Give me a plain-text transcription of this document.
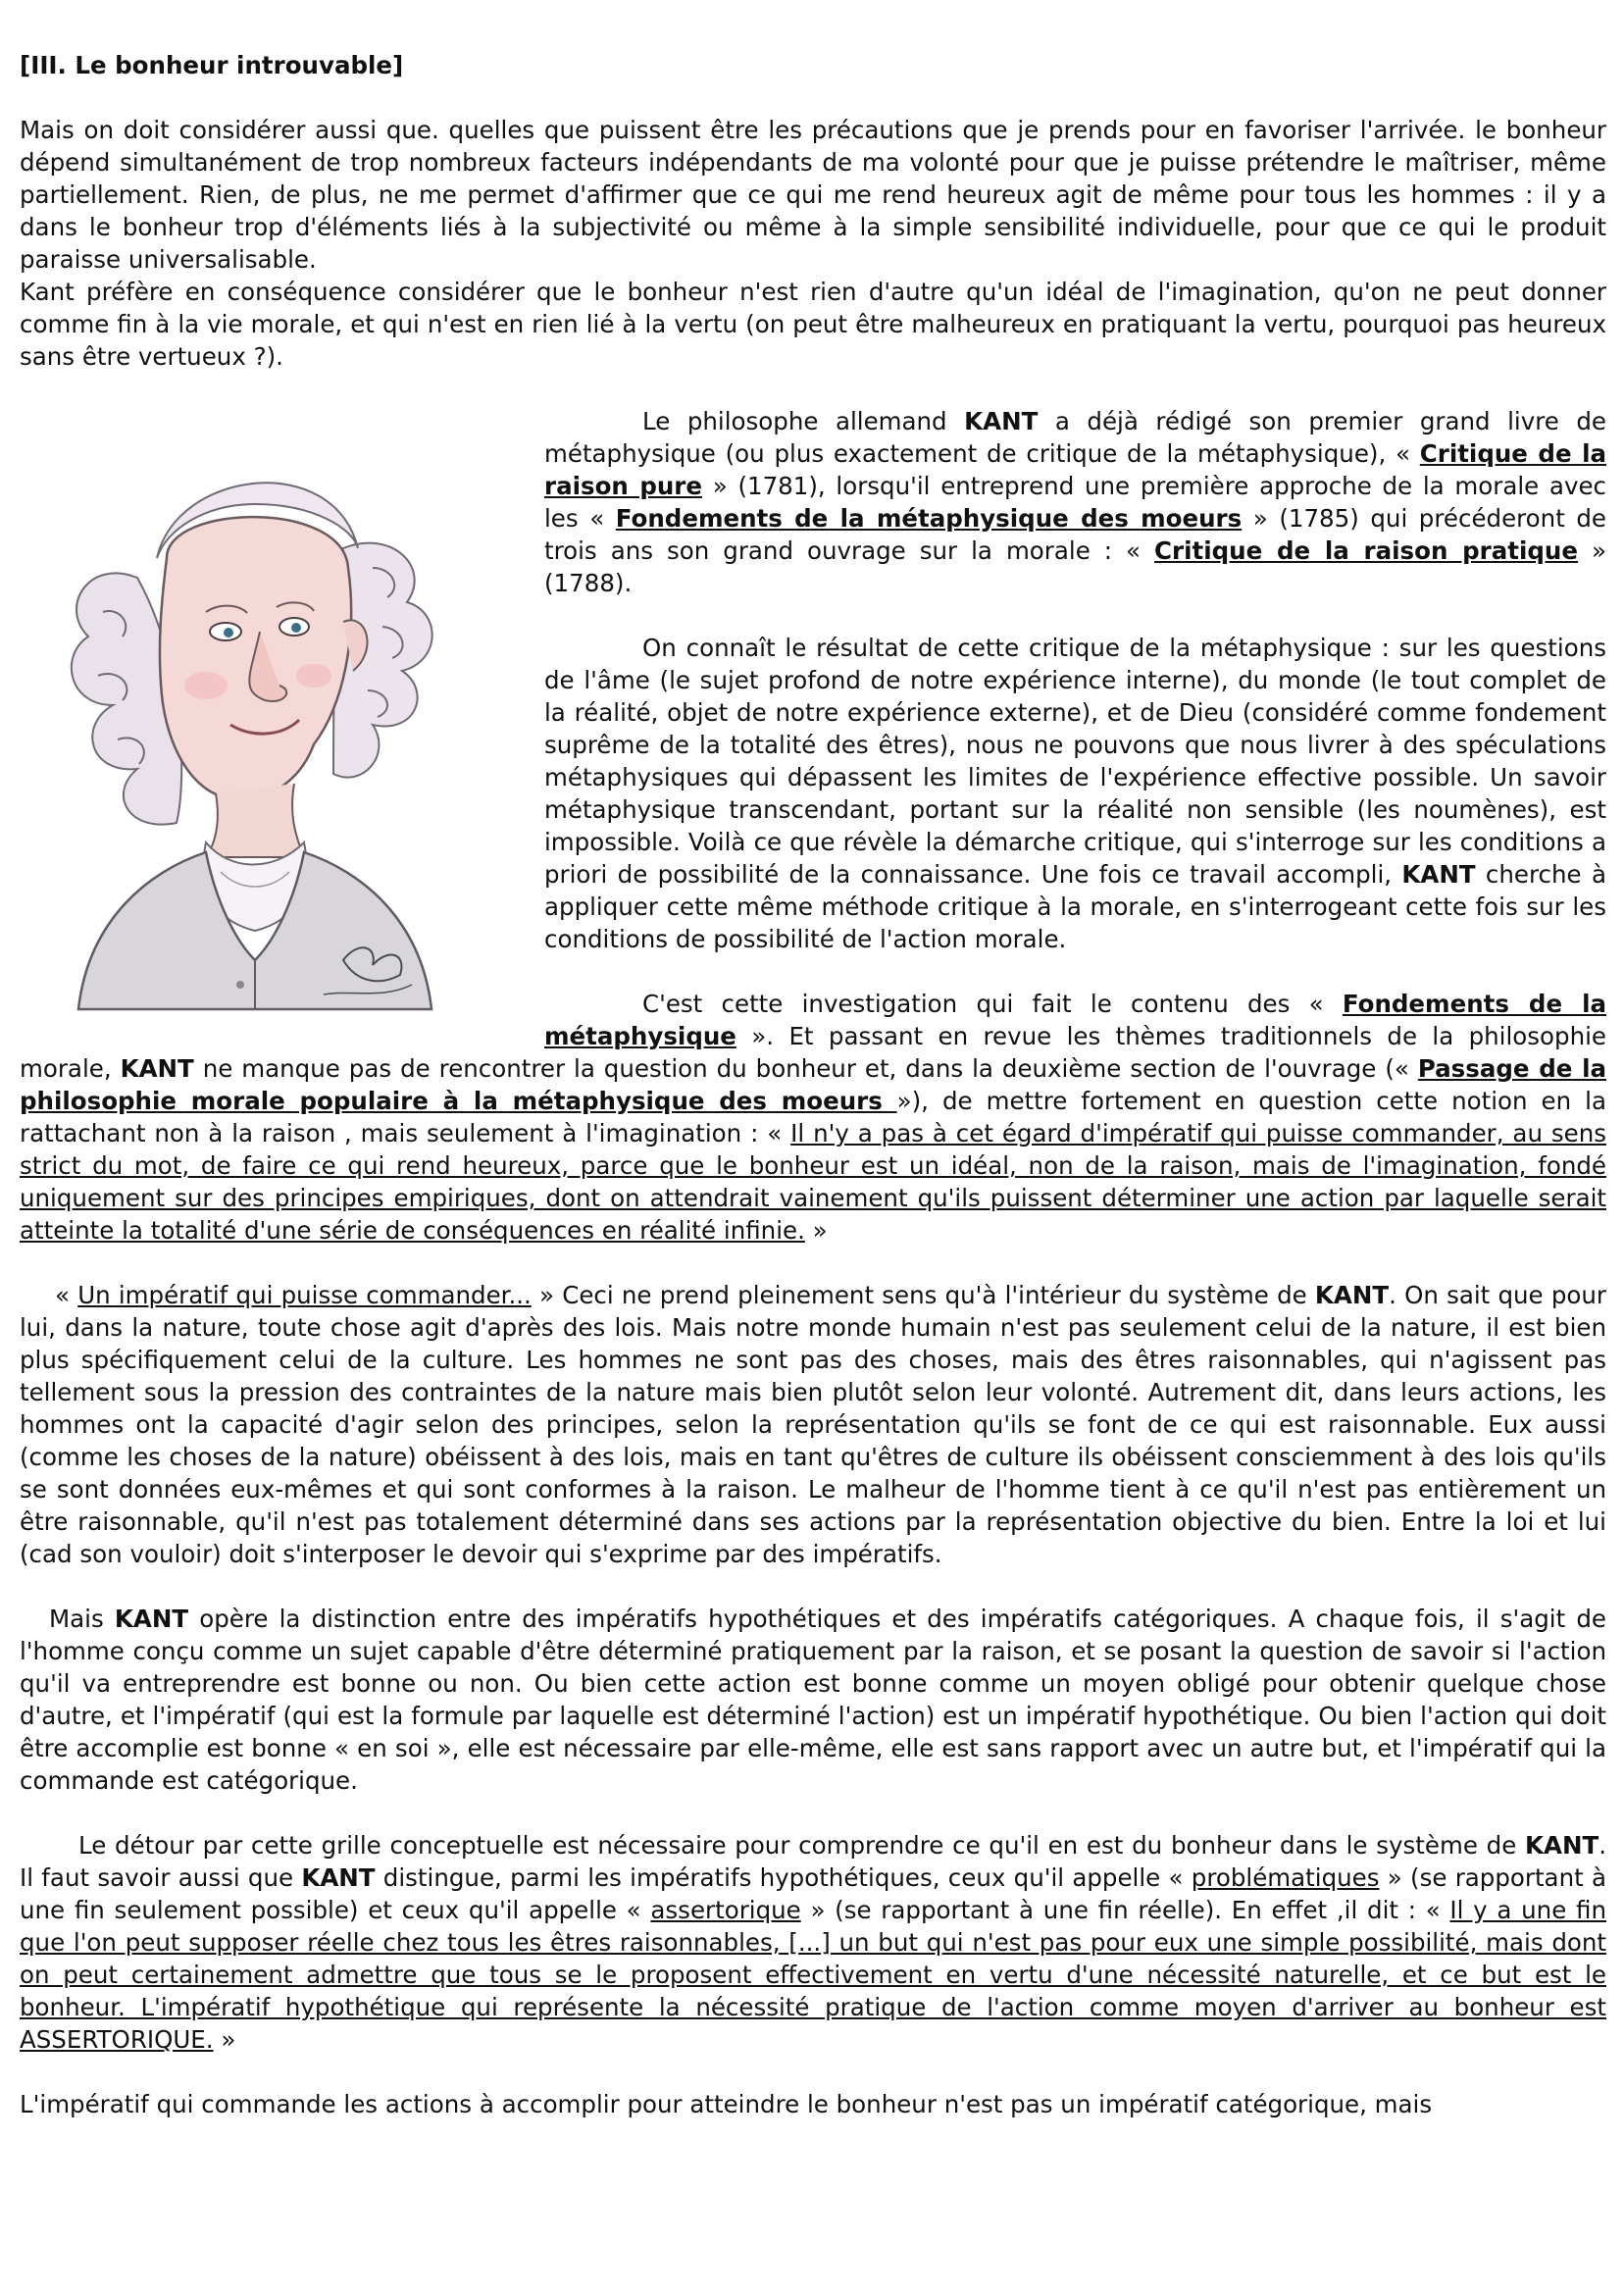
[III. Le bonheur introuvable]

Mais on doit considérer aussi que. quelles que puissent être les précautions que je prends pour en favoriser l'arrivée. le bonheur dépend simultanément de trop nombreux facteurs indépendants de ma volonté pour que je puisse prétendre le maîtriser, même partiellement. Rien, de plus, ne me permet d'affirmer que ce qui me rend heureux agit de même pour tous les hommes : il y a dans le bonheur trop d'éléments liés à la subjectivité ou même à la simple sensibilité individuelle, pour que ce qui le produit paraisse universalisable.

Kant préfère en conséquence considérer que le bonheur n'est rien d'autre qu'un idéal de l'imagination, qu'on ne peut donner comme fin à la vie morale, et qui n'est en rien lié à la vertu (on peut être malheureux en pratiquant la vertu, pourquoi pas heureux sans être vertueux ?).

Le philosophe allemand KANT a déjà rédigé son premier grand livre de métaphysique (ou plus exactement de critique de la métaphysique), « Critique de la raison pure » (1781), lorsqu'il entreprend une première approche de la morale avec les « Fondements de la métaphysique des moeurs » (1785) qui précéderont de trois ans son grand ouvrage sur la morale : « Critique de la raison pratique » (1788).

On connaît le résultat de cette critique de la métaphysique : sur les questions de l'âme (le sujet profond de notre expérience interne), du monde (le tout complet de la réalité, objet de notre expérience externe), et de Dieu (considéré comme fondement suprême de la totalité des êtres), nous ne pouvons que nous livrer à des spéculations métaphysiques qui dépassent les limites de l'expérience effective possible. Un savoir métaphysique transcendant, portant sur la réalité non sensible (les noumènes), est impossible. Voilà ce que révèle la démarche critique, qui s'interroge sur les conditions a priori de possibilité de la connaissance. Une fois ce travail accompli, KANT cherche à appliquer cette même méthode critique à la morale, en s'interrogeant cette fois sur les conditions de possibilité de l'action morale.

C'est cette investigation qui fait le contenu des « Fondements de la métaphysique ». Et passant en revue les thèmes traditionnels de la philosophie morale, KANT ne manque pas de rencontrer la question du bonheur et, dans la deuxième section de l'ouvrage (« Passage de la philosophie morale populaire à la métaphysique des moeurs »), de mettre fortement en question cette notion en la rattachant non à la raison , mais seulement à l'imagination : « Il n'y a pas à cet égard d'impératif qui puisse commander, au sens strict du mot, de faire ce qui rend heureux, parce que le bonheur est un idéal, non de la raison, mais de l'imagination, fondé uniquement sur des principes empiriques, dont on attendrait vainement qu'ils puissent déterminer une action par laquelle serait atteinte la totalité d'une série de conséquences en réalité infinie. »

« Un impératif qui puisse commander... » Ceci ne prend pleinement sens qu'à l'intérieur du système de KANT. On sait que pour lui, dans la nature, toute chose agit d'après des lois. Mais notre monde humain n'est pas seulement celui de la nature, il est bien plus spécifiquement celui de la culture. Les hommes ne sont pas des choses, mais des êtres raisonnables, qui n'agissent pas tellement sous la pression des contraintes de la nature mais bien plutôt selon leur volonté. Autrement dit, dans leurs actions, les hommes ont la capacité d'agir selon des principes, selon la représentation qu'ils se font de ce qui est raisonnable. Eux aussi (comme les choses de la nature) obéissent à des lois, mais en tant qu'êtres de culture ils obéissent consciemment à des lois qu'ils se sont données eux-mêmes et qui sont conformes à la raison. Le malheur de l'homme tient à ce qu'il n'est pas entièrement un être raisonnable, qu'il n'est pas totalement déterminé dans ses actions par la représentation objective du bien. Entre la loi et lui (cad son vouloir) doit s'interposer le devoir qui s'exprime par des impératifs.

Mais KANT opère la distinction entre des impératifs hypothétiques et des impératifs catégoriques. A chaque fois, il s'agit de l'homme conçu comme un sujet capable d'être déterminé pratiquement par la raison, et se posant la question de savoir si l'action qu'il va entreprendre est bonne ou non. Ou bien cette action est bonne comme un moyen obligé pour obtenir quelque chose d'autre, et l'impératif (qui est la formule par laquelle est déterminé l'action) est un impératif hypothétique. Ou bien l'action qui doit être accomplie est bonne « en soi », elle est nécessaire par elle-même, elle est sans rapport avec un autre but, et l'impératif qui la commande est catégorique.

Le détour par cette grille conceptuelle est nécessaire pour comprendre ce qu'il en est du bonheur dans le système de KANT. Il faut savoir aussi que KANT distingue, parmi les impératifs hypothétiques, ceux qu'il appelle « problématiques » (se rapportant à une fin seulement possible) et ceux qu'il appelle « assertorique » (se rapportant à une fin réelle). En effet ,il dit : « Il y a une fin que l'on peut supposer réelle chez tous les êtres raisonnables, [...] un but qui n'est pas pour eux une simple possibilité, mais dont on peut certainement admettre que tous se le proposent effectivement en vertu d'une nécessité naturelle, et ce but est le bonheur. L'impératif hypothétique qui représente la nécessité pratique de l'action comme moyen d'arriver au bonheur est ASSERTORIQUE. »

L'impératif qui commande les actions à accomplir pour atteindre le bonheur n'est pas un impératif catégorique, mais
